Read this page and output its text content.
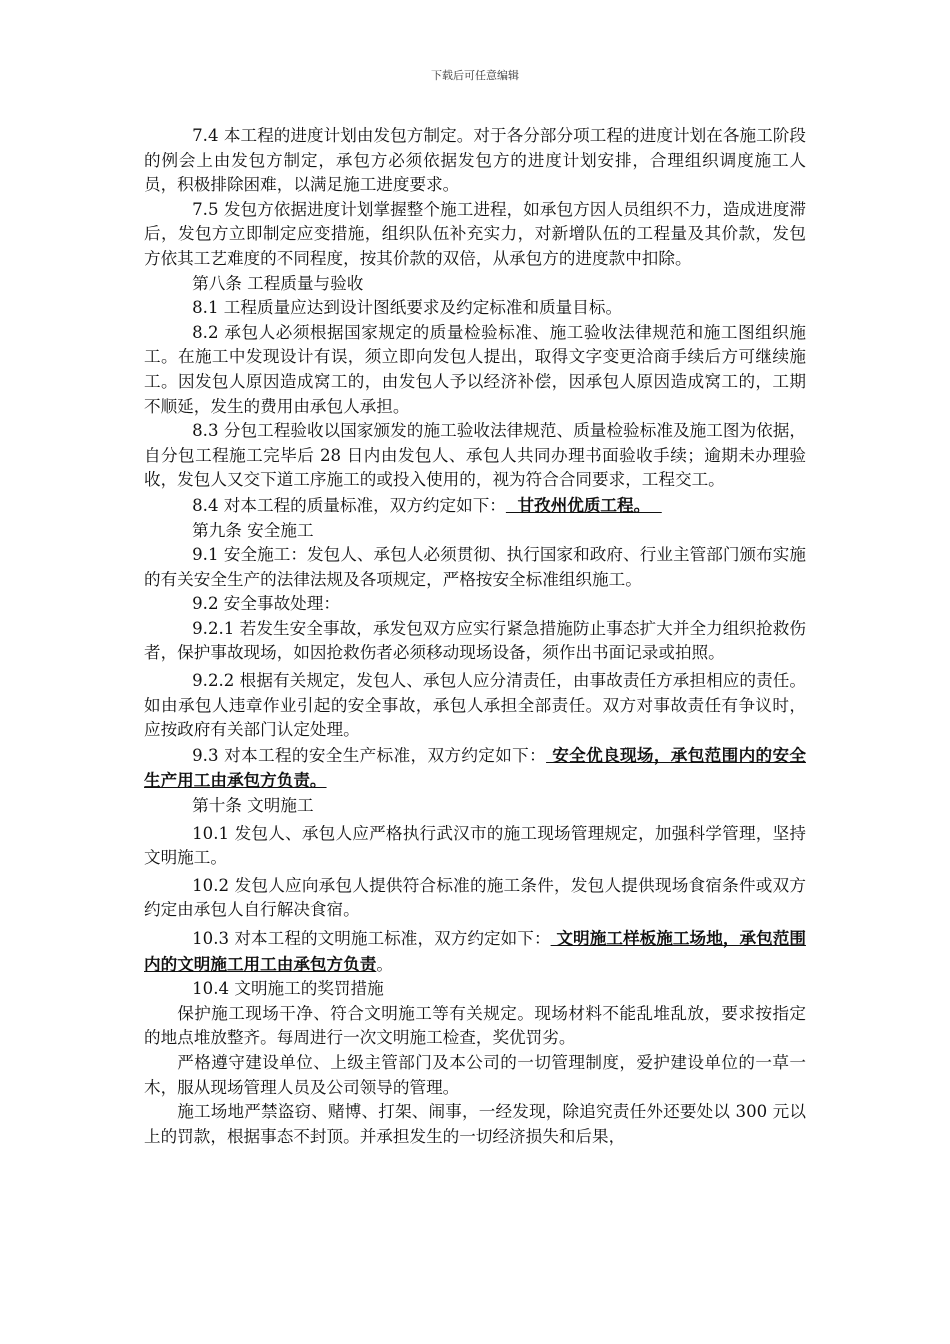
下载后可任意编辑

7.4 本工程的进度计划由发包方制定。对于各分部分项工程的进度计划在各施工阶段的例会上由发包方制定，承包方必须依据发包方的进度计划安排，合理组织调度施工人员，积极排除困难，以满足施工进度要求。

7.5 发包方依据进度计划掌握整个施工进程，如承包方因人员组织不力，造成进度滞后，发包方立即制定应变措施，组织队伍补充实力，对新增队伍的工程量及其价款，发包方依其工艺难度的不同程度，按其价款的双倍，从承包方的进度款中扣除。

第八条 工程质量与验收

8.1 工程质量应达到设计图纸要求及约定标准和质量目标。

8.2 承包人必须根据国家规定的质量检验标准、施工验收法律规范和施工图组织施工。在施工中发现设计有误，须立即向发包人提出，取得文字变更洽商手续后方可继续施工。因发包人原因造成窝工的，由发包人予以经济补偿，因承包人原因造成窝工的，工期不顺延，发生的费用由承包人承担。

8.3 分包工程验收以国家颁发的施工验收法律规范、质量检验标准及施工图为依据，自分包工程施工完毕后 28 日内由发包人、承包人共同办理书面验收手续；逾期未办理验收，发包人又交下道工序施工的或投入使用的，视为符合合同要求，工程交工。

8.4 对本工程的质量标准，双方约定如下：  甘孜州优质工程。

第九条 安全施工

9.1 安全施工：发包人、承包人必须贯彻、执行国家和政府、行业主管部门颁布实施的有关安全生产的法律法规及各项规定，严格按安全标准组织施工。

9.2 安全事故处理：

9.2.1 若发生安全事故，承发包双方应实行紧急措施防止事态扩大并全力组织抢救伤者，保护事故现场，如因抢救伤者必须移动现场设备，须作出书面记录或拍照。

9.2.2 根据有关规定，发包人、承包人应分清责任，由事故责任方承担相应的责任。如由承包人违章作业引起的安全事故，承包人承担全部责任。双方对事故责任有争议时，应按政府有关部门认定处理。

9.3 对本工程的安全生产标准，双方约定如下： 安全优良现场，承包范围内的安全生产用工由承包方负责。

第十条 文明施工

10.1 发包人、承包人应严格执行武汉市的施工现场管理规定，加强科学管理，坚持文明施工。

10.2 发包人应向承包人提供符合标准的施工条件，发包人提供现场食宿条件或双方约定由承包人自行解决食宿。

10.3 对本工程的文明施工标准，双方约定如下： 文明施工样板施工场地，承包范围内的文明施工用工由承包方负责。

10.4 文明施工的奖罚措施

保护施工现场干净、符合文明施工等有关规定。现场材料不能乱堆乱放，要求按指定的地点堆放整齐。每周进行一次文明施工检查，奖优罚劣。

严格遵守建设单位、上级主管部门及本公司的一切管理制度，爱护建设单位的一草一木，服从现场管理人员及公司领导的管理。

施工场地严禁盗窃、赌博、打架、闹事，一经发现，除追究责任外还要处以 300 元以上的罚款，根据事态不封顶。并承担发生的一切经济损失和后果，
